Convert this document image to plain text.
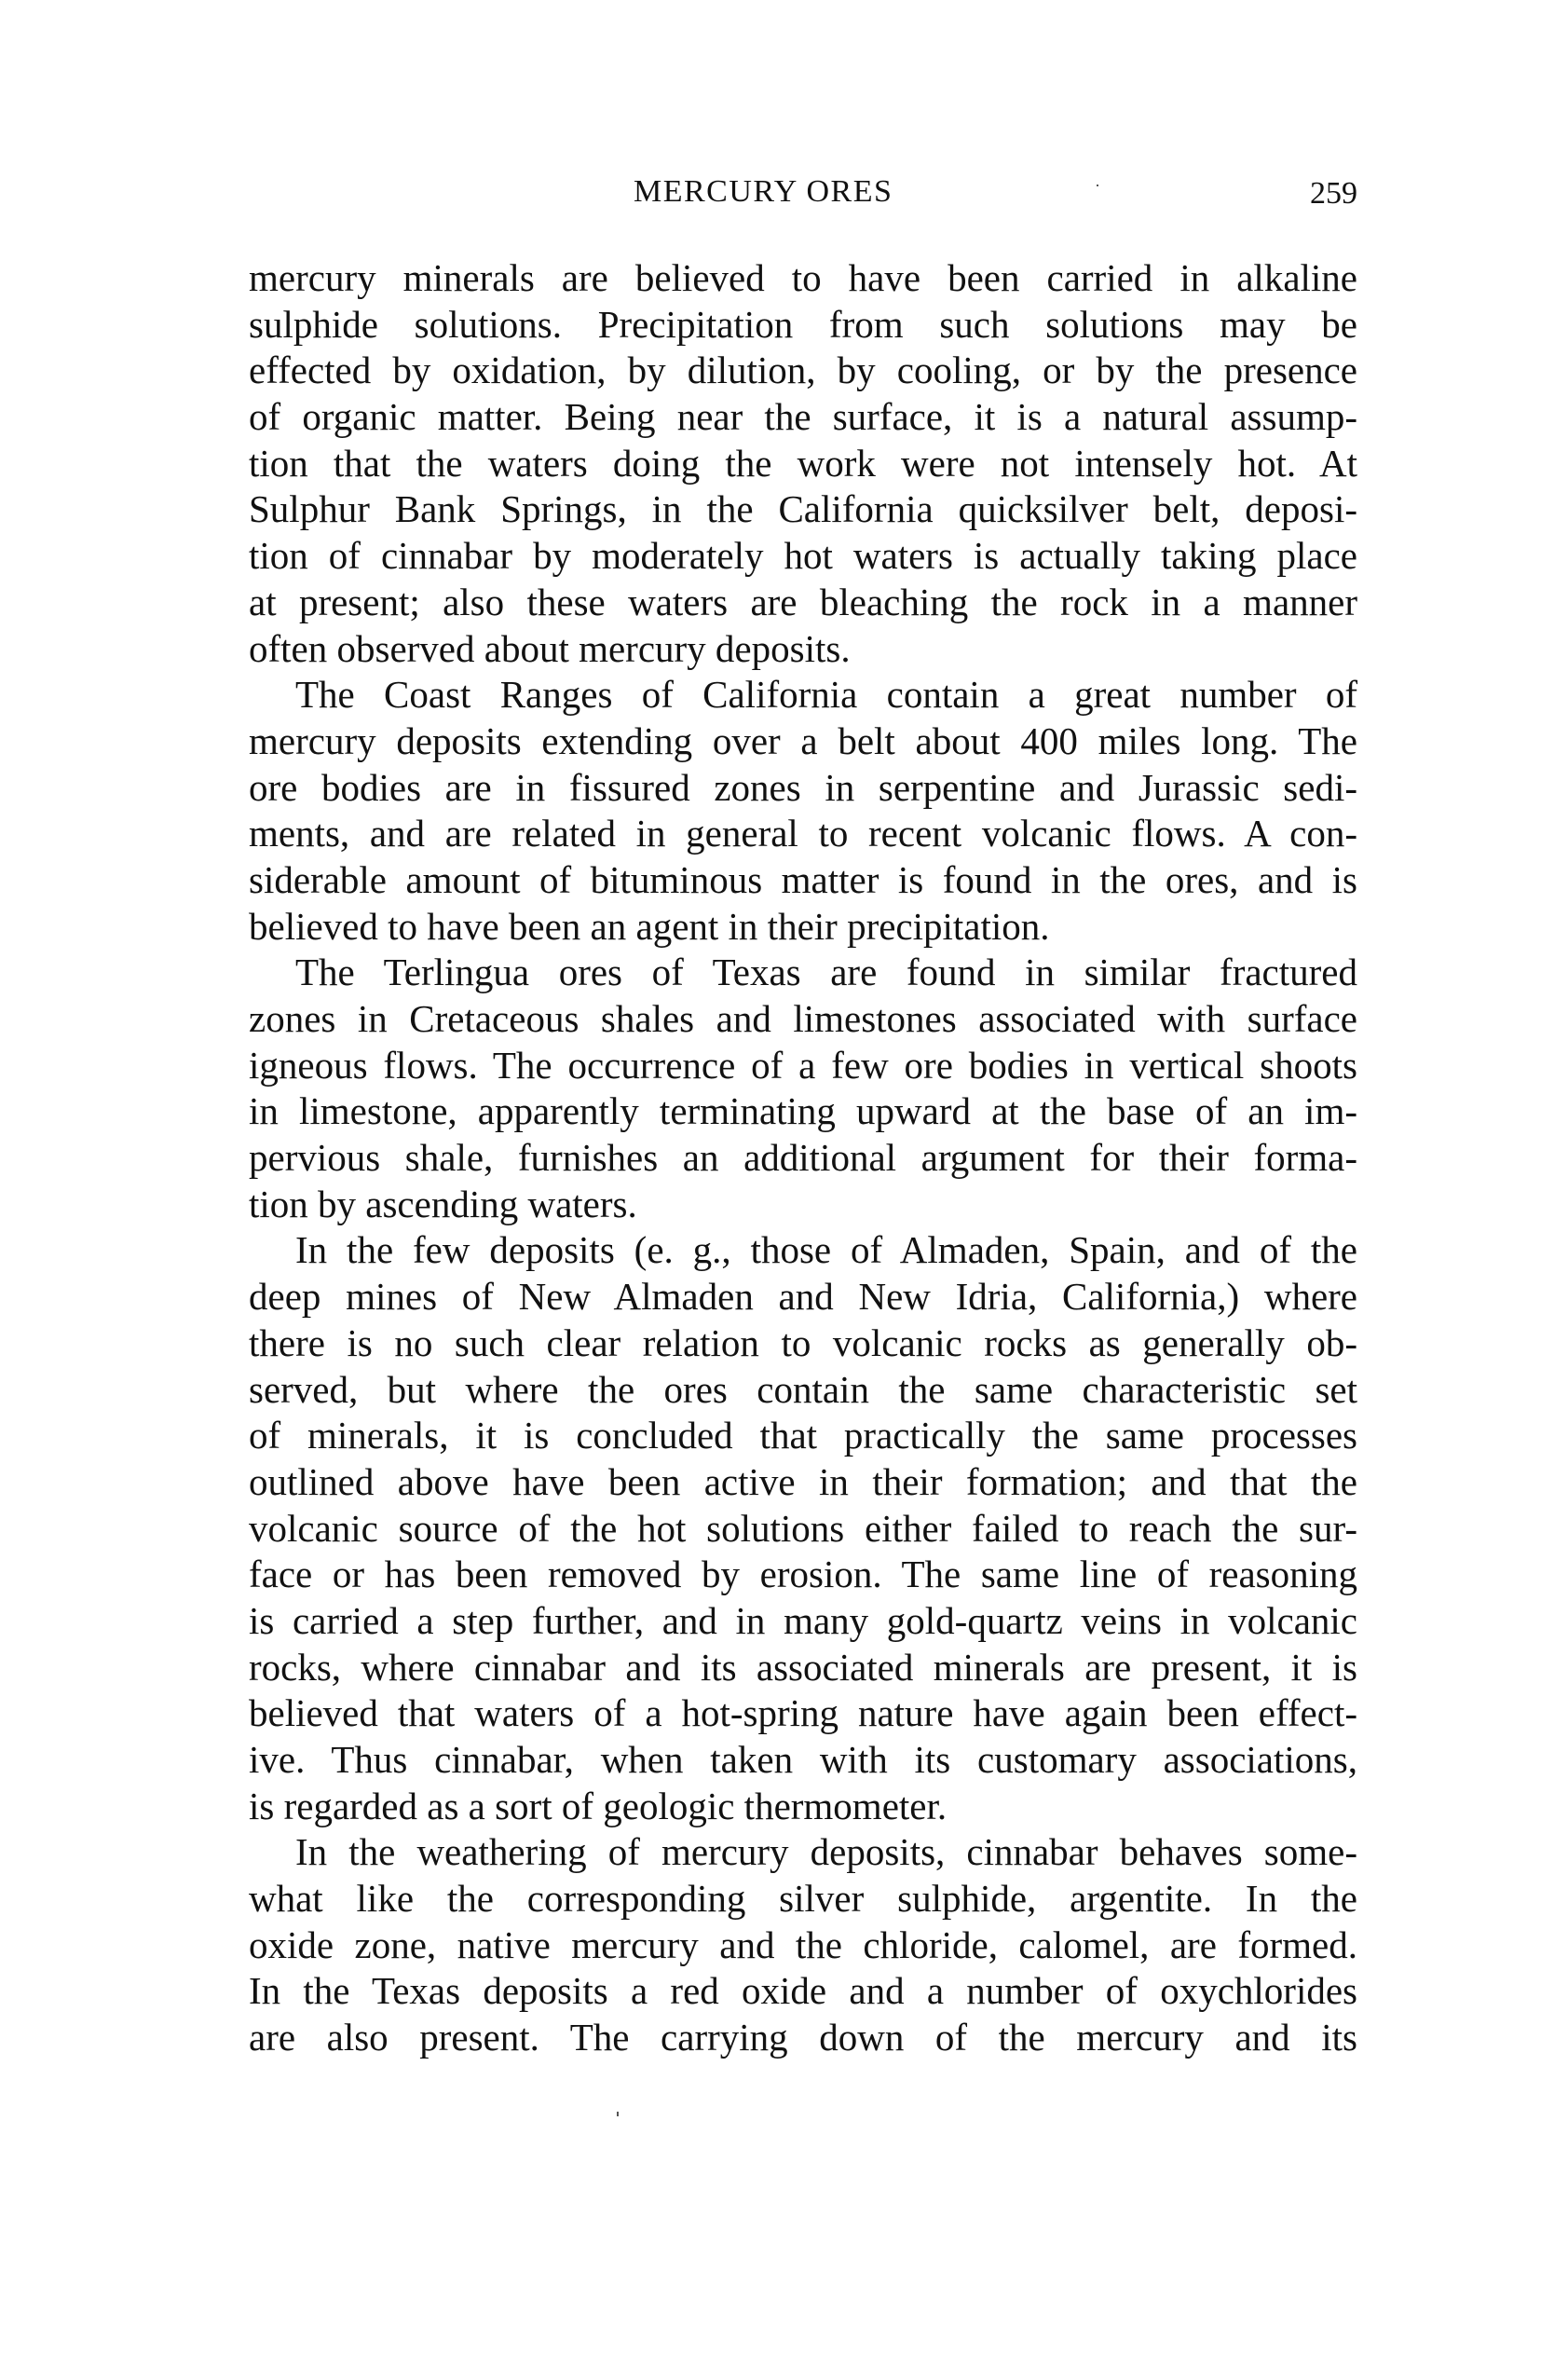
MERCURY ORES	259
mercury minerals are believed to have been carried in alkaline
sulphide solutions. Precipitation from such solutions may be
effected by oxidation, by dilution, by cooling, or by the presence
of organic matter. Being near the surface, it is a natural assump-
tion that the waters doing the work were not intensely hot. At
Sulphur Bank Springs, in the California quicksilver belt, deposi-
tion of cinnabar by moderately hot waters is actually taking place
at present; also these waters are bleaching the rock in a manner
often observed about mercury deposits.
The Coast Ranges of California contain a great number of
mercury deposits extending over a belt about 400 miles long. The
ore bodies are in fissured zones in serpentine and Jurassic sedi-
ments, and are related in general to recent volcanic flows. A con-
siderable amount of bituminous matter is found in the ores, and is
believed to have been an agent in their precipitation.
The Terlingua ores of Texas are found in similar fractured
zones in Cretaceous shales and limestones associated with surface
igneous flows. The occurrence of a few ore bodies in vertical shoots
in limestone, apparently terminating upward at the base of an im-
pervious shale, furnishes an additional argument for their forma-
tion by ascending waters.
In the few deposits (e. g., those of Almaden, Spain, and of the
deep mines of New Almaden and New Idria, California,) where
there is no such clear relation to volcanic rocks as generally ob-
served, but where the ores contain the same characteristic set
of minerals, it is concluded that practically the same processes
outlined above have been active in their formation; and that the
volcanic source of the hot solutions either failed to reach the sur-
face or has been removed by erosion. The same line of reasoning
is carried a step further, and in many gold-quartz veins in volcanic
rocks, where cinnabar and its associated minerals are present, it is
believed that waters of a hot-spring nature have again been effect-
ive. Thus cinnabar, when taken with its customary associations,
is regarded as a sort of geologic thermometer.
In the weathering of mercury deposits, cinnabar behaves some-
what like the corresponding silver sulphide, argentite. In the
oxide zone, native mercury and the chloride, calomel, are formed.
In the Texas deposits a red oxide and a number of oxychlorides
are also present. The carrying down of the mercury and its
